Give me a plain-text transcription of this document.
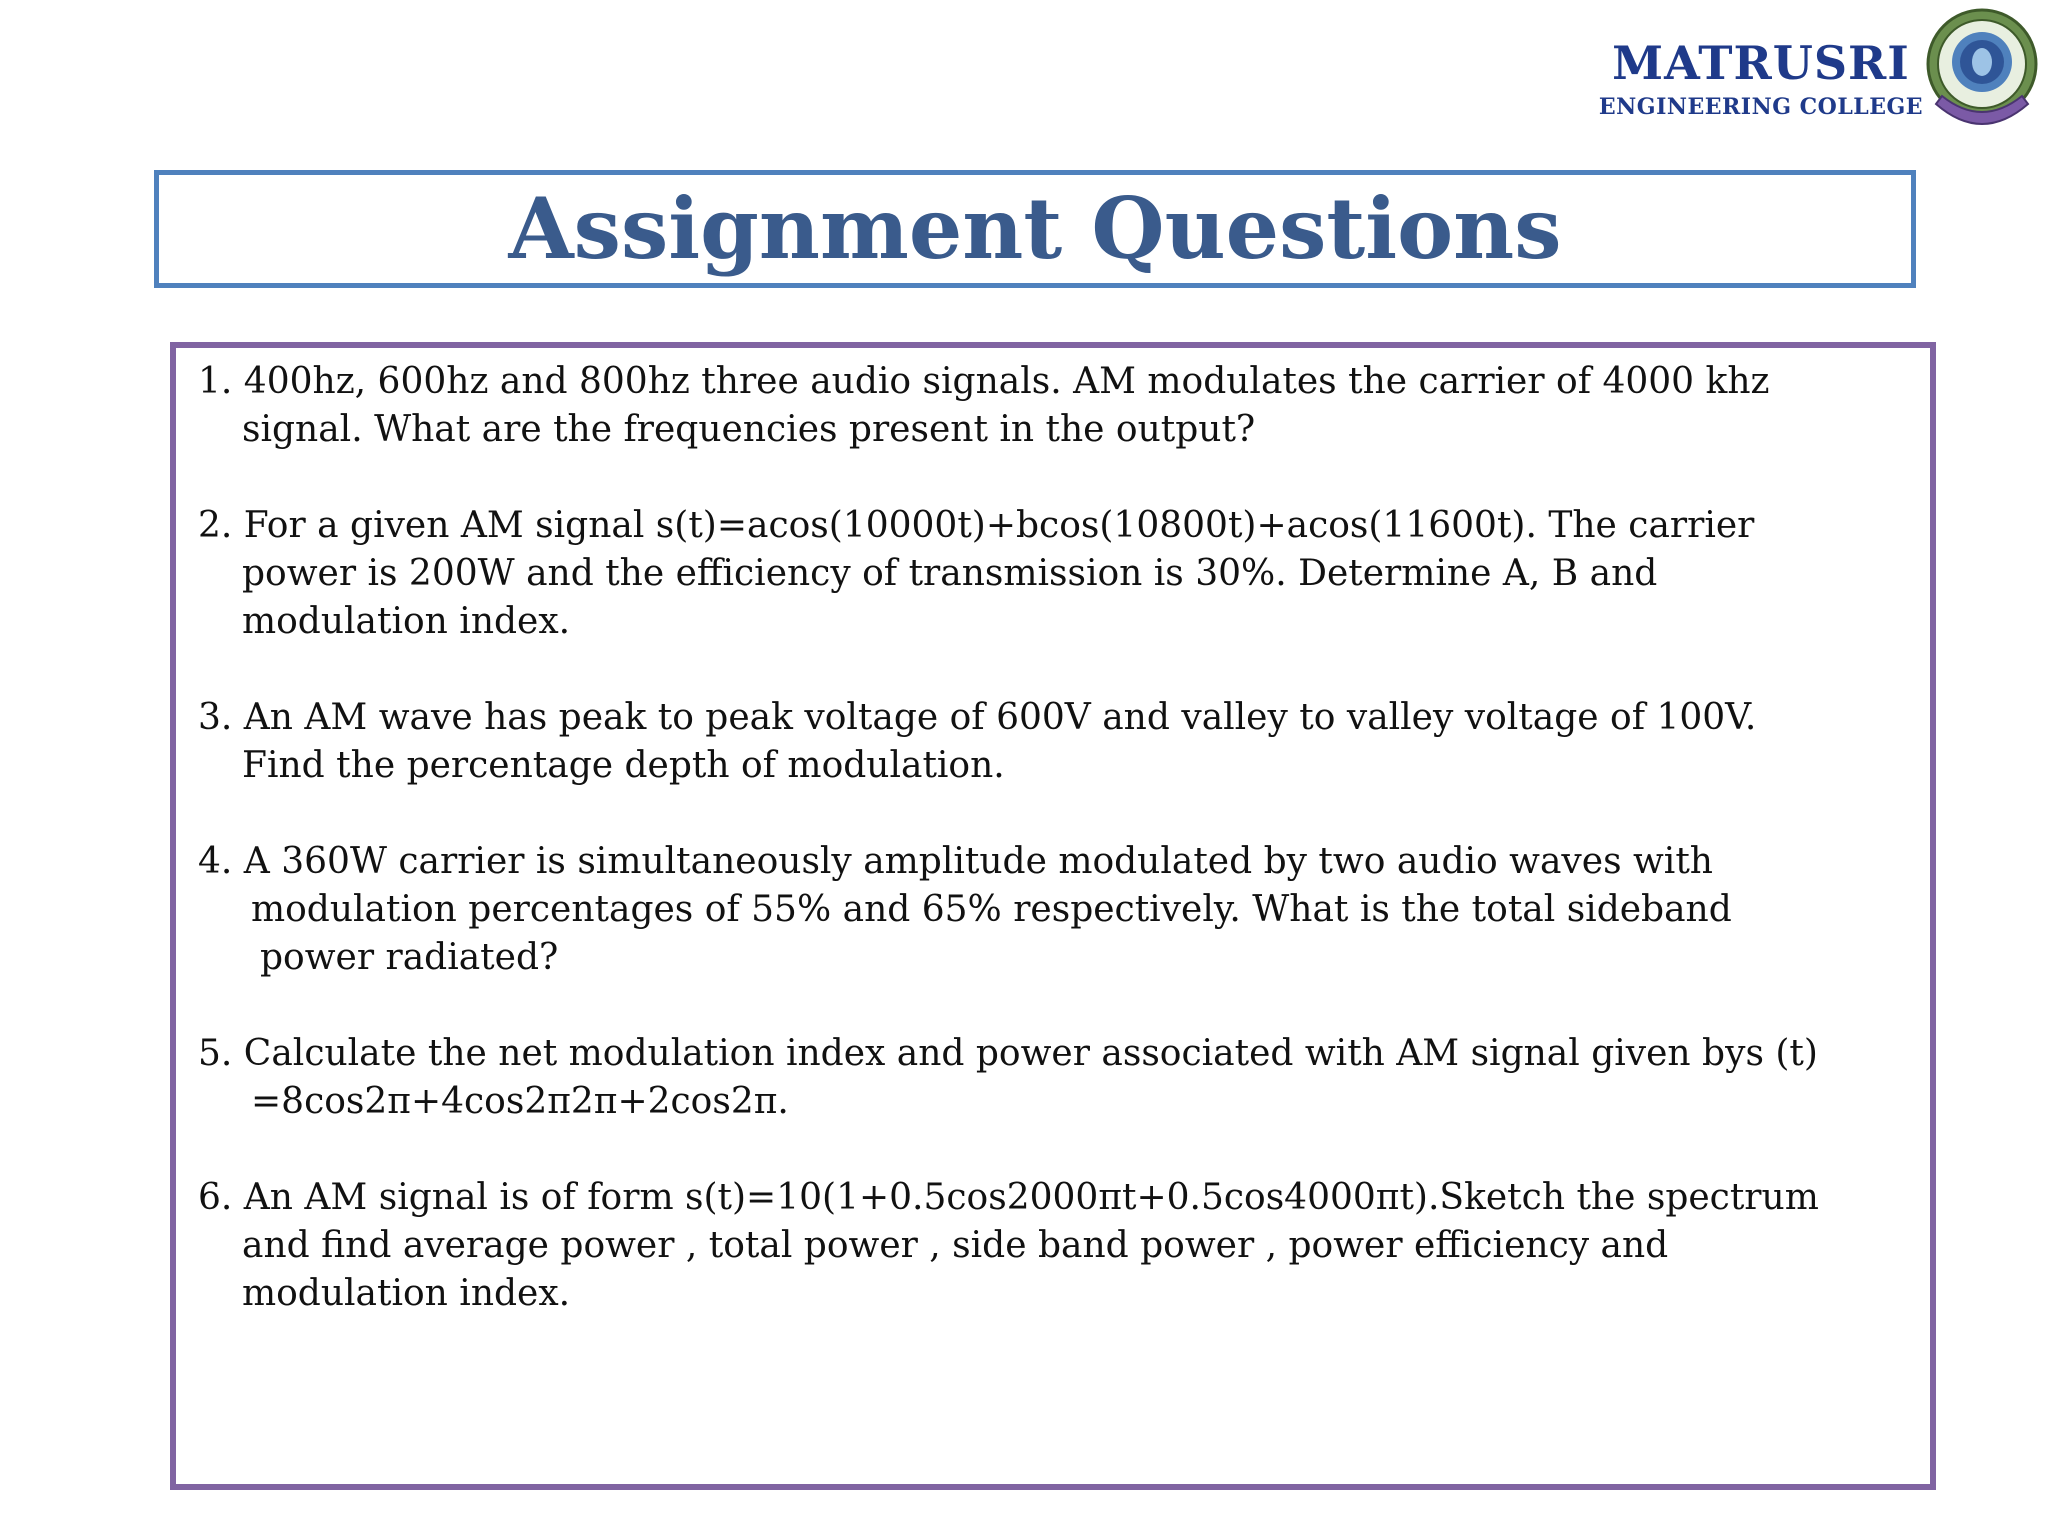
MATRUSRI
ENGINEERING COLLEGE
Assignment Questions
1. 400hz, 600hz and 800hz three audio signals. AM modulates the carrier of 4000 khz
signal. What are the frequencies present in the output?
2. For a given AM signal s(t)=acos(10000t)+bcos(10800t)+acos(11600t). The carrier
power is 200W and the efficiency of transmission is 30%. Determine A, B and
modulation index.
3. An AM wave has peak to peak voltage of 600V and valley to valley voltage of 100V.
Find the percentage depth of modulation.
4. A 360W carrier is simultaneously amplitude modulated by two audio waves with
modulation percentages of 55% and 65% respectively. What is the total sideband
power radiated?
5. Calculate the net modulation index and power associated with AM signal given bys (t)
=8cos2π+4cos2π2π+2cos2π.
6. An AM signal is of form s(t)=10(1+0.5cos2000πt+0.5cos4000πt).Sketch the spectrum
and find average power , total power , side band power , power efficiency and
modulation index.
